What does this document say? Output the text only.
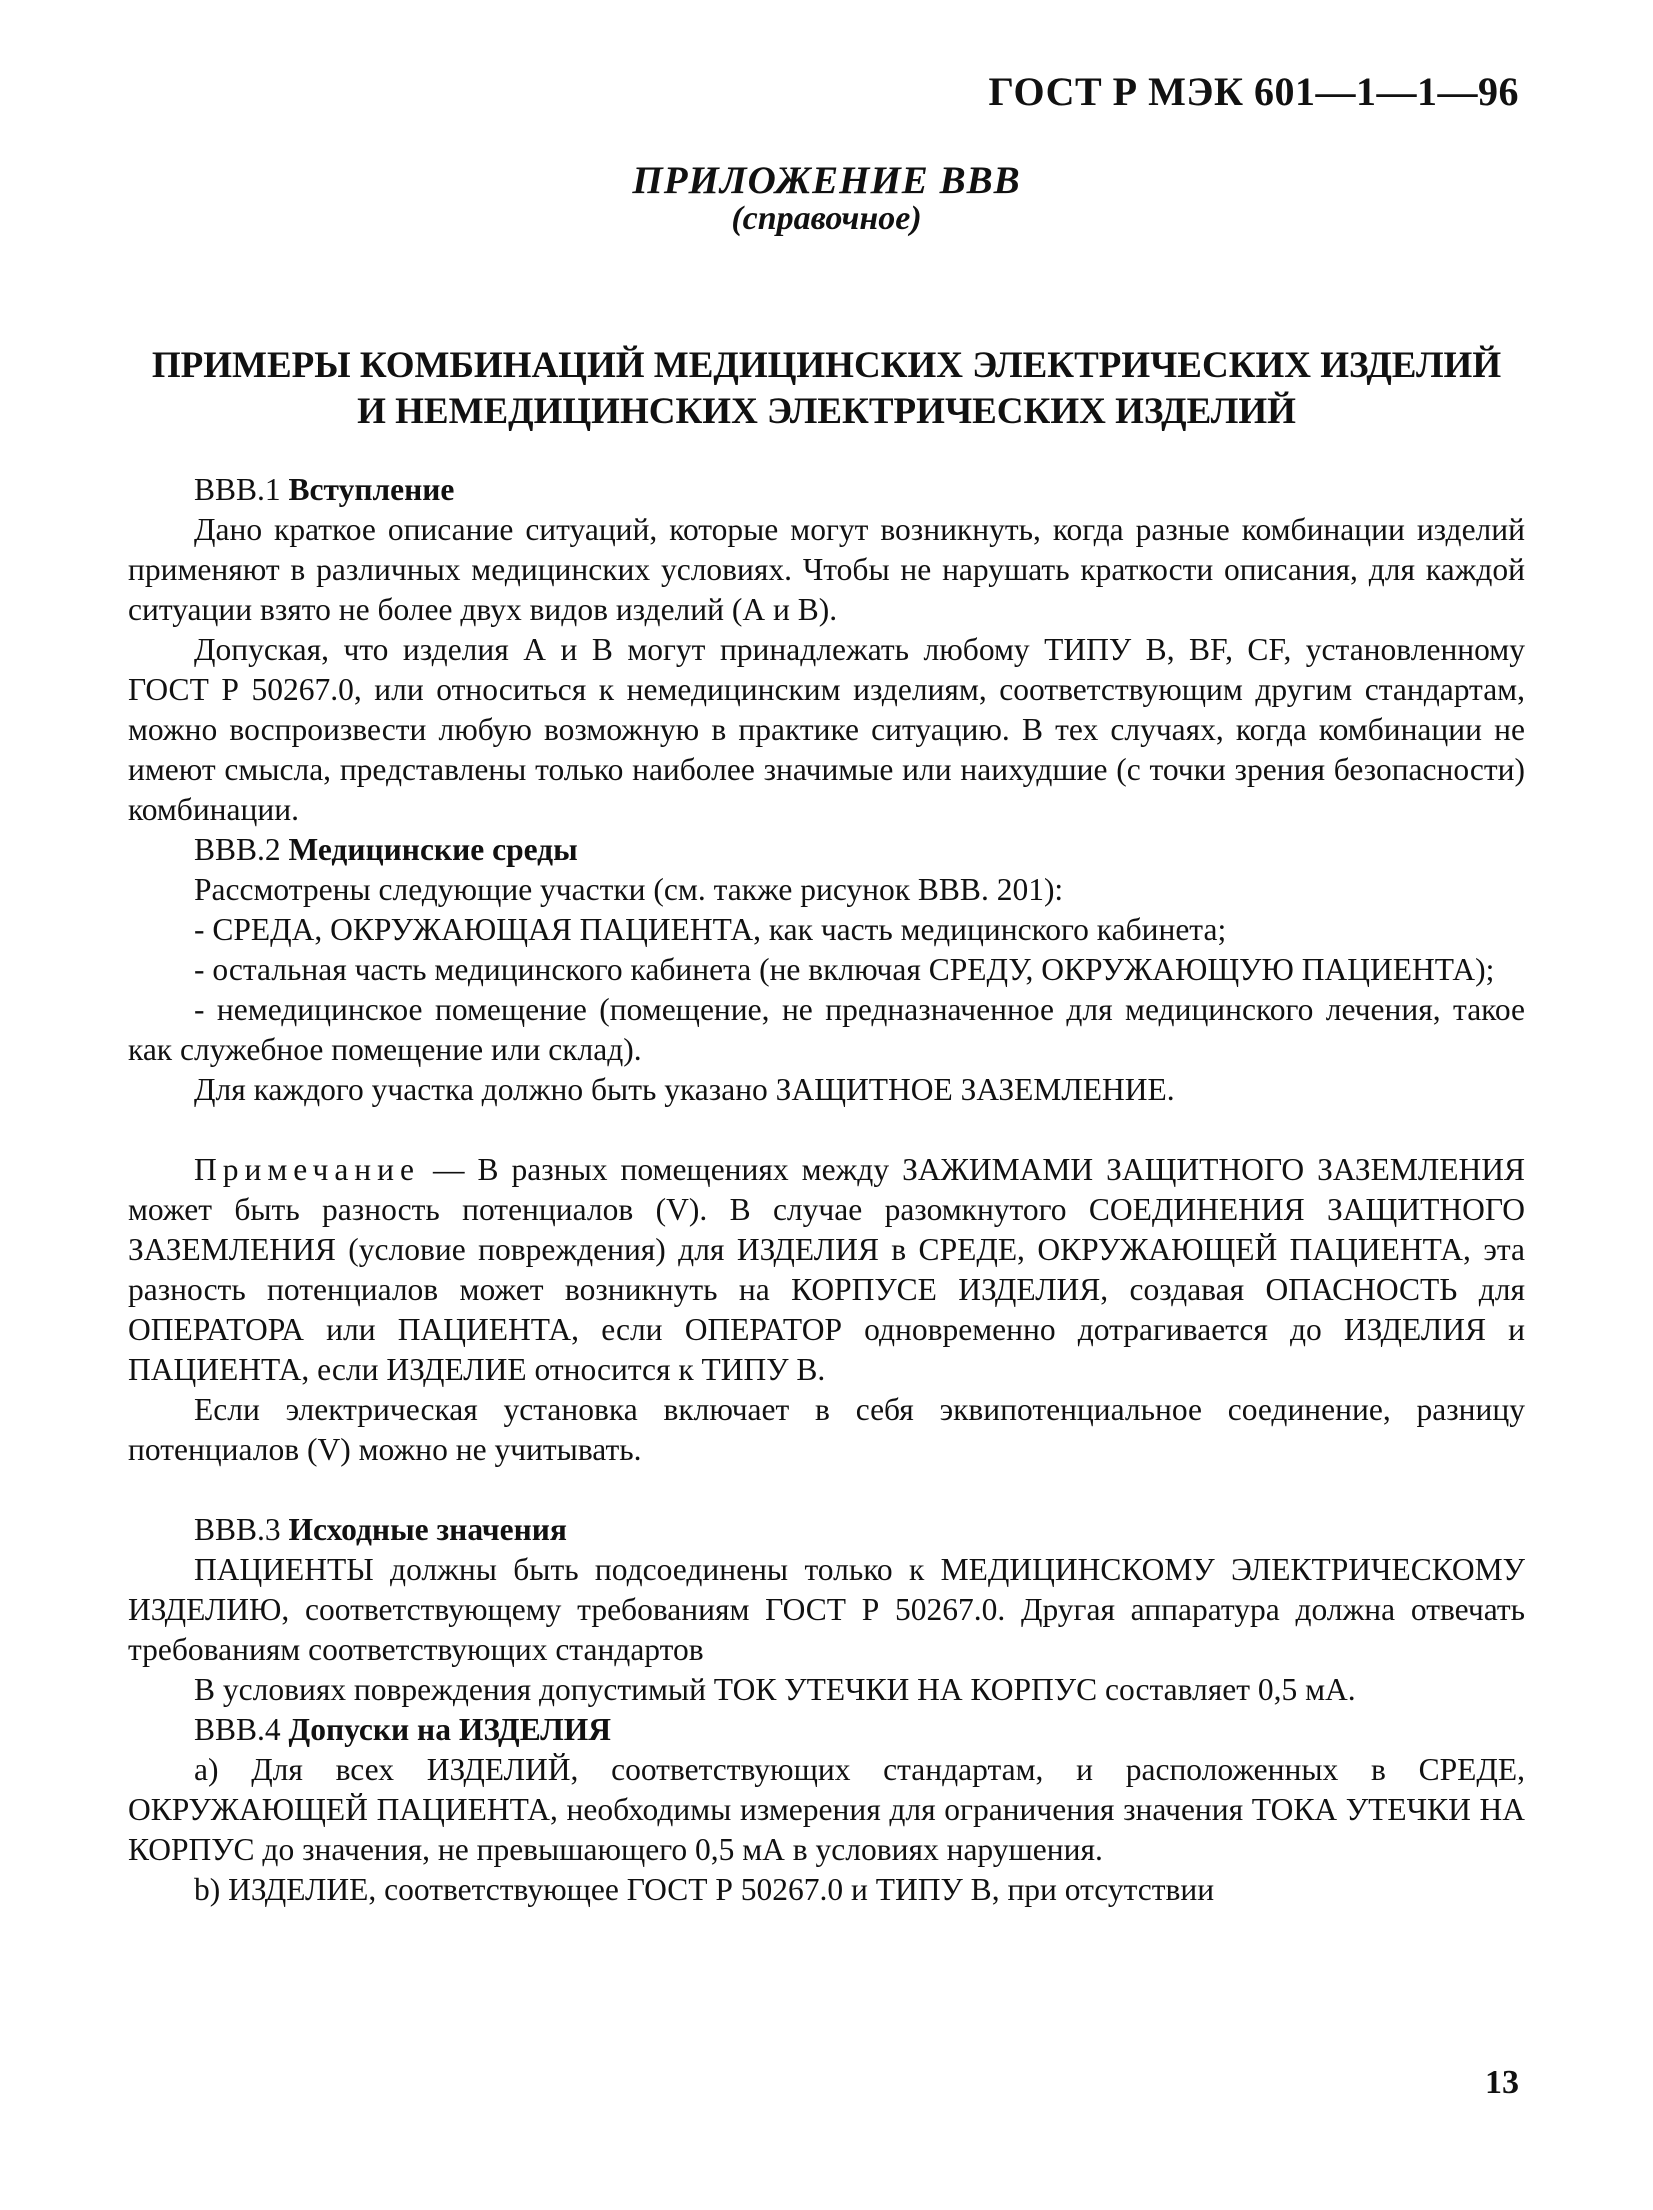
ГОСТ Р МЭК 601—1—1—96
ПРИЛОЖЕНИЕ ВВВ
(справочное)
ПРИМЕРЫ КОМБИНАЦИЙ МЕДИЦИНСКИХ ЭЛЕКТРИЧЕСКИХ ИЗДЕЛИЙ
И НЕМЕДИЦИНСКИХ ЭЛЕКТРИЧЕСКИХ ИЗДЕЛИЙ

ВВВ.1 Вступление

Дано краткое описание ситуаций, которые могут возникнуть, когда разные комбинации изделий применяют в различных медицинских условиях. Чтобы не нарушать краткости описания, для каждой ситуации взято не более двух видов изделий (А и В).

Допуская, что изделия А и В могут принадлежать любому ТИПУ В, BF, CF, установленному ГОСТ Р 50267.0, или относиться к немедицинским изделиям, соответствующим другим стандартам, можно воспроизвести любую возможную в практике ситуацию. В тех случаях, когда комбинации не имеют смысла, представлены только наиболее значимые или наихудшие (с точки зрения безопасности) комбинации.

ВВВ.2 Медицинские среды

Рассмотрены следующие участки (см. также рисунок ВВВ. 201):

- СРЕДА, ОКРУЖАЮЩАЯ ПАЦИЕНТА, как часть медицинского кабинета;

- остальная часть медицинского кабинета (не включая СРЕДУ, ОКРУЖАЮЩУЮ ПАЦИЕНТА);

- немедицинское помещение (помещение, не предназначенное для медицинского лечения, такое как служебное помещение или склад).

Для каждого участка должно быть указано ЗАЩИТНОЕ ЗАЗЕМЛЕНИЕ.

Примечание — В разных помещениях между ЗАЖИМАМИ ЗАЩИТНОГО ЗАЗЕМЛЕНИЯ может быть разность потенциалов (V). В случае разомкнутого СОЕДИНЕНИЯ ЗАЩИТНОГО ЗАЗЕМЛЕНИЯ (условие повреждения) для ИЗДЕЛИЯ в СРЕДЕ, ОКРУЖАЮЩЕЙ ПАЦИЕНТА, эта разность потенциалов может возникнуть на КОРПУСЕ ИЗДЕЛИЯ, создавая ОПАСНОСТЬ для ОПЕРАТОРА или ПАЦИЕНТА, если ОПЕРАТОР одновременно дотрагивается до ИЗДЕЛИЯ и ПАЦИЕНТА, если ИЗДЕЛИЕ относится к ТИПУ В.

Если электрическая установка включает в себя эквипотенциальное соединение, разницу потенциалов (V) можно не учитывать.

ВВВ.3 Исходные значения

ПАЦИЕНТЫ должны быть подсоединены только к МЕДИЦИНСКОМУ ЭЛЕКТРИЧЕСКОМУ ИЗДЕЛИЮ, соответствующему требованиям ГОСТ Р 50267.0. Другая аппаратура должна отвечать требованиям соответствующих стандартов

В условиях повреждения допустимый ТОК УТЕЧКИ НА КОРПУС составляет 0,5 мА.

ВВВ.4 Допуски на ИЗДЕЛИЯ

а) Для всех ИЗДЕЛИЙ, соответствующих стандартам, и расположенных в СРЕДЕ, ОКРУЖАЮЩЕЙ ПАЦИЕНТА, необходимы измерения для ограничения значения ТОКА УТЕЧКИ НА КОРПУС до значения, не превышающего 0,5 мА в условиях нарушения.

b) ИЗДЕЛИЕ, соответствующее ГОСТ Р 50267.0 и ТИПУ В, при отсутствии

13
